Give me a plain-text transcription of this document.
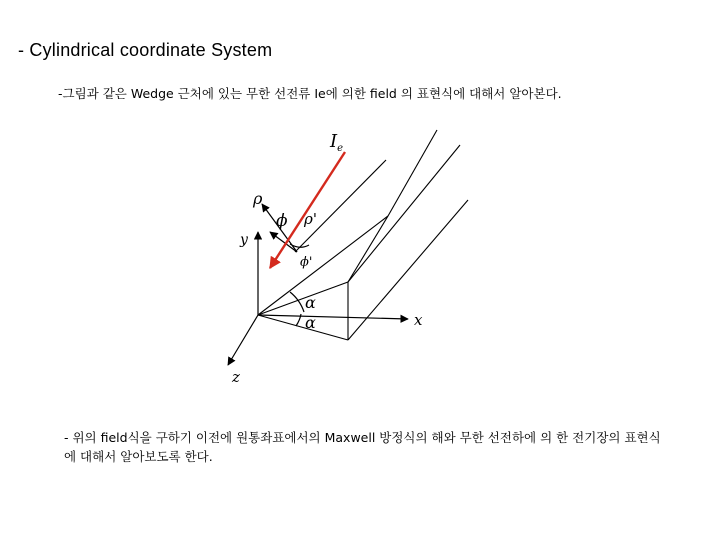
- Cylindrical coordinate System
-그림과 같은 Wedge 근처에 있는 무한 선전류 Ie에 의한 field 의 표현식에 대해서 알아본다.
$I_e$
ρ
ϕ ρ'
ϕ'
y
x
z
α
α
- 위의 field식을 구하기 이전에 원통좌표에서의 Maxwell 방정식의 해와 무한 선전하에 의 한 전기장의 표현식에 대해서 알아보도록 한다.
